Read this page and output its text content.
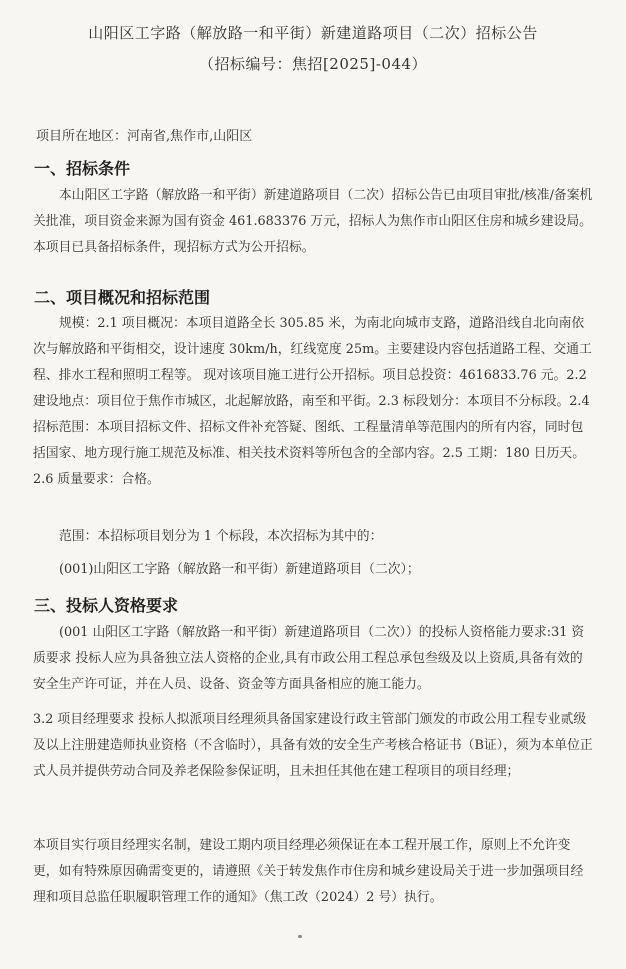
山阳区工字路（解放路一和平街）新建道路项目（二次）招标公告
（招标编号：焦招[2025]-044）
项目所在地区：河南省,焦作市,山阳区
一、招标条件
本山阳区工字路（解放路一和平街）新建道路项目（二次）招标公告已由项目审批/核准/备案机关批准，项目资金来源为国有资金 461.683376 万元，招标人为焦作市山阳区住房和城乡建设局。本项目已具备招标条件，现招标方式为公开招标。
二、项目概况和招标范围
规模：2.1 项目概况：本项目道路全长 305.85 米，为南北向城市支路，道路沿线自北向南依次与解放路和平街相交，设计速度 30km/h，红线宽度 25m。主要建设内容包括道路工程、交通工程、排水工程和照明工程等。 现对该项目施工进行公开招标。项目总投资：4616833.76 元。2.2 建设地点：项目位于焦作市城区，北起解放路，南至和平街。2.3 标段划分：本项目不分标段。2.4 招标范围：本项目招标文件、招标文件补充答疑、图纸、工程量清单等范围内的所有内容，同时包括国家、地方现行施工规范及标准、相关技术资料等所包含的全部内容。2.5 工期：180 日历天。2.6 质量要求：合格。
范围：本招标项目划分为 1 个标段，本次招标为其中的：
(001)山阳区工字路（解放路一和平街）新建道路项目（二次）；
三、投标人资格要求
(001 山阳区工字路（解放路一和平街）新建道路项目（二次））的投标人资格能力要求:31 资质要求 投标人应为具备独立法人资格的企业,具有市政公用工程总承包叁级及以上资质,具备有效的安全生产许可证，并在人员、设备、资金等方面具备相应的施工能力。
3.2 项目经理要求 投标人拟派项目经理须具备国家建设行政主管部门颁发的市政公用工程专业贰级及以上注册建造师执业资格（不含临时），具备有效的安全生产考核合格证书（B证），须为本单位正式人员并提供劳动合同及养老保险参保证明，且未担任其他在建工程项目的项目经理；
本项目实行项目经理实名制，建设工期内项目经理必须保证在本工程开展工作，原则上不允许变更，如有特殊原因确需变更的，请遵照《关于转发焦作市住房和城乡建设局关于进一步加强项目经理和项目总监任职履职管理工作的通知》（焦工改（2024）2 号）执行。
